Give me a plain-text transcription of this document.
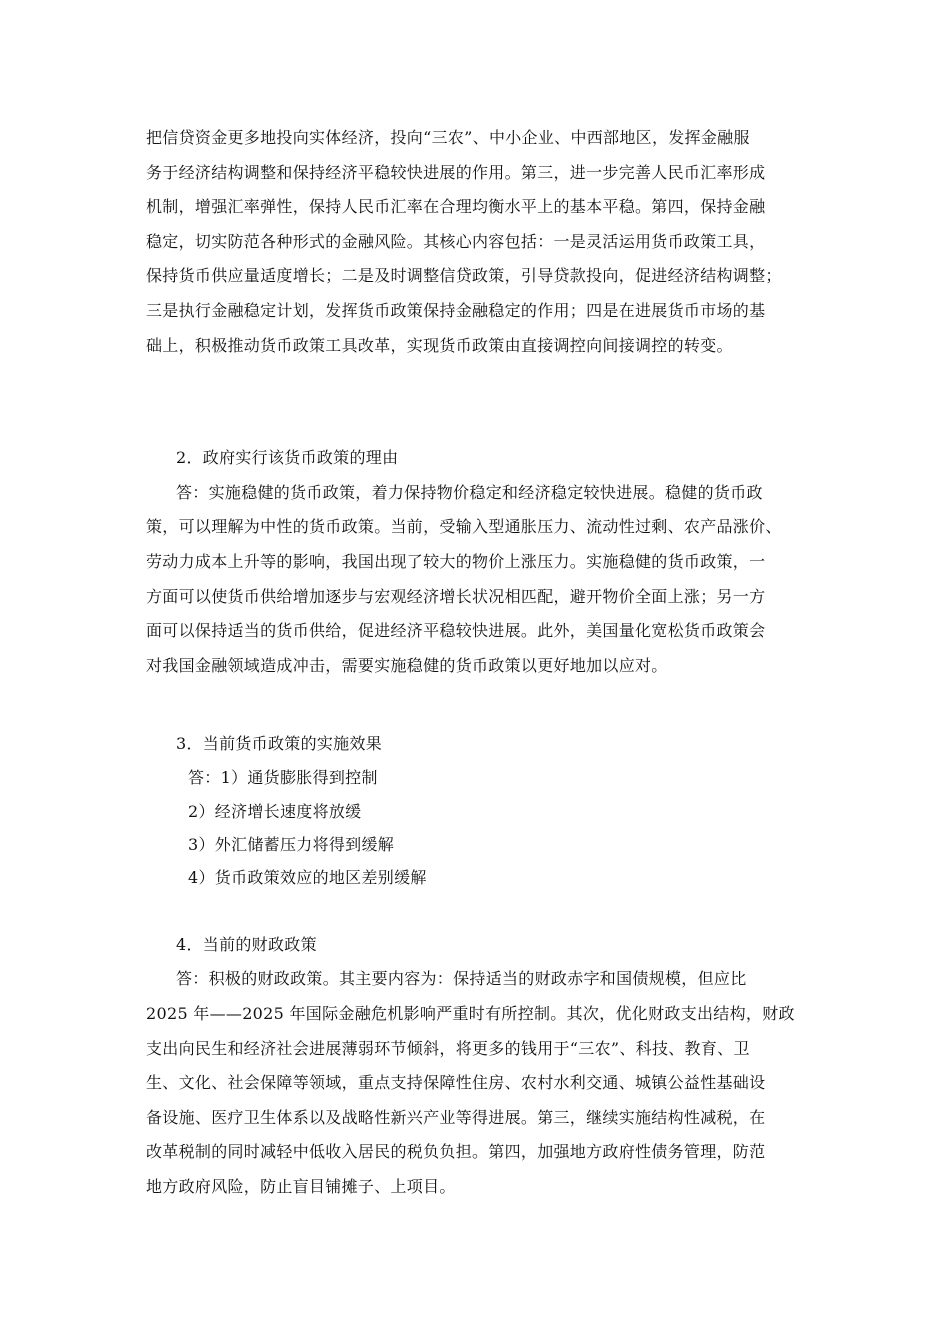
把信贷资金更多地投向实体经济，投向“三农”、中小企业、中西部地区，发挥金融服
务于经济结构调整和保持经济平稳较快进展的作用。第三，进一步完善人民币汇率形成
机制，增强汇率弹性，保持人民币汇率在合理均衡水平上的基本平稳。第四，保持金融
稳定，切实防范各种形式的金融风险。其核心内容包括：一是灵活运用货币政策工具，
保持货币供应量适度增长；二是及时调整信贷政策，引导贷款投向，促进经济结构调整；
三是执行金融稳定计划，发挥货币政策保持金融稳定的作用；四是在进展货币市场的基
础上，积极推动货币政策工具改革，实现货币政策由直接调控向间接调控的转变。
2．政府实行该货币政策的理由
答：实施稳健的货币政策，着力保持物价稳定和经济稳定较快进展。稳健的货币政
策，可以理解为中性的货币政策。当前，受输入型通胀压力、流动性过剩、农产品涨价、
劳动力成本上升等的影响，我国出现了较大的物价上涨压力。实施稳健的货币政策，一
方面可以使货币供给增加逐步与宏观经济增长状况相匹配，避开物价全面上涨；另一方
面可以保持适当的货币供给，促进经济平稳较快进展。此外，美国量化宽松货币政策会
对我国金融领域造成冲击，需要实施稳健的货币政策以更好地加以应对。
3．当前货币政策的实施效果
答：1）通货膨胀得到控制
2）经济增长速度将放缓
3）外汇储蓄压力将得到缓解
4）货币政策效应的地区差别缓解
4．当前的财政政策
答：积极的财政政策。其主要内容为：保持适当的财政赤字和国债规模，但应比
2025 年——2025 年国际金融危机影响严重时有所控制。其次，优化财政支出结构，财政
支出向民生和经济社会进展薄弱环节倾斜，将更多的钱用于“三农”、科技、教育、卫
生、文化、社会保障等领域，重点支持保障性住房、农村水利交通、城镇公益性基础设
备设施、医疗卫生体系以及战略性新兴产业等得进展。第三，继续实施结构性减税，在
改革税制的同时减轻中低收入居民的税负负担。第四，加强地方政府性债务管理，防范
地方政府风险，防止盲目铺摊子、上项目。
